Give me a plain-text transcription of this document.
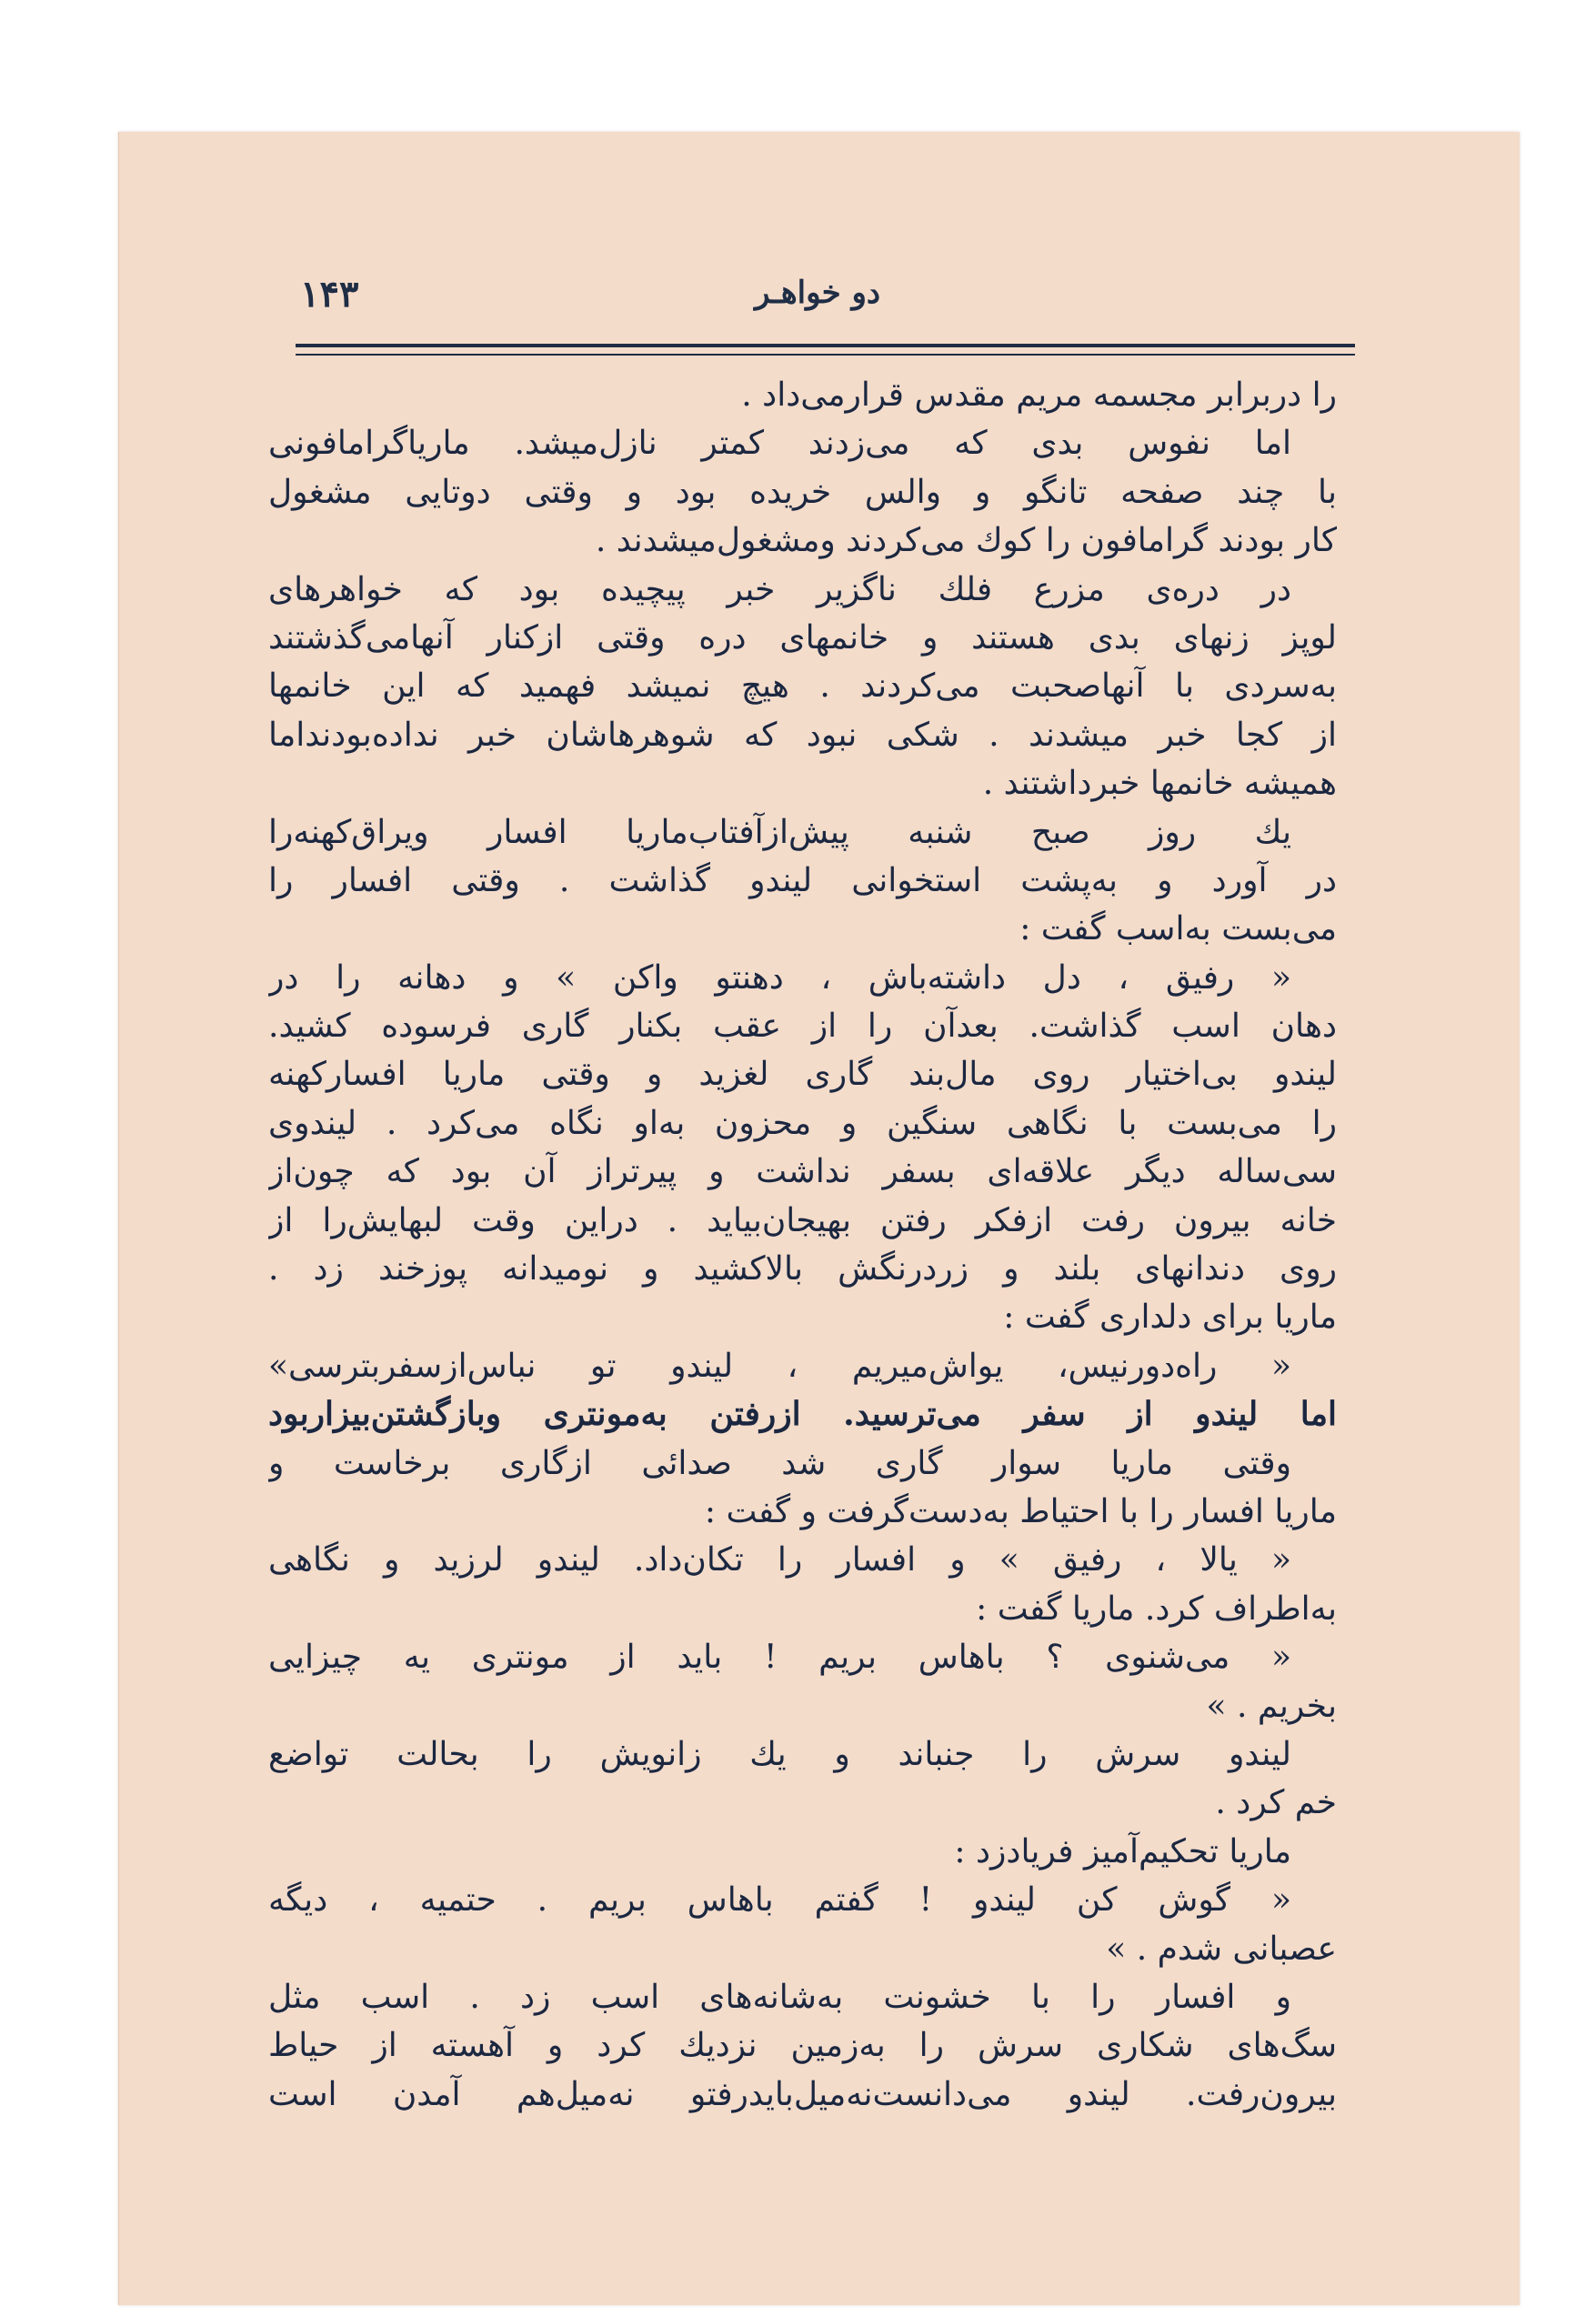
۱۴۳	دو خواهـر
را دربرابر مجسمه مریم مقدس قرارمی‌داد .
اما نفوس بدی که می‌زدند کمتر نازل‌میشد. ماریاگرامافونی
با چند صفحه تانگو و والس خریده بود و وقتی دوتایی مشغول
کار بودند گرامافون را کوك می‌کردند ومشغول‌میشدند .
در دره‌ی مزرع فلك ناگزیر خبر پیچیده بود که خواهرهای
لوپز زنهای بدی هستند و خانمهای دره وقتی ازکنار آنهامی‌گذشتند
به‌سردی با آنهاصحبت می‌کردند . هیچ نمیشد فهمید که این خانمها
از کجا خبر میشدند . شکی نبود که شوهرهاشان خبر نداده‌بودنداما
همیشه خانمها خبرداشتند .
يك روز صبح شنبه پیش‌ازآفتاب‌ماریا افسار ویراق‌کهنه‌را
در آورد و به‌پشت استخوانی لیندو گذاشت . وقتی افسار را
می‌بست به‌اسب گفت :
« رفیق ، دل داشته‌باش ، دهنتو واکن » و دهانه را در
دهان اسب گذاشت. بعدآن را از عقب بکنار گاری فرسوده کشید.
لیندو بی‌اختیار روی مال‌بند گاری لغزید و وقتی ماریا افسارکهنه
را می‌بست با نگاهی سنگین و محزون به‌او نگاه می‌کرد . لیندوی
سی‌ساله دیگر علاقه‌ای بسفر نداشت و پیرتراز آن بود که چون‌از
خانه بیرون رفت ازفکر رفتن بهیجان‌بیاید . دراین وقت لبهایش‌را از
روی دندانهای بلند و زردرنگش بالاکشید و نومیدانه پوزخند زد .
ماریا برای دلداری گفت :
« راه‌دورنیس، یواش‌میریم ، لیندو تو نباس‌ازسفربترسی»
اما لیندو از سفر می‌ترسید. ازرفتن به‌مونتری وبازگشتن‌بیزاربود
وقتی ماریا سوار گاری شد صدائی ازگاری برخاست و
ماریا افسار را با احتیاط به‌دست‌گرفت و گفت :
« یالا ، رفیق » و افسار را تکان‌داد. لیندو لرزید و نگاهی
به‌اطراف کرد. ماریا گفت :
« می‌شنوی ؟ باهاس بریم ! باید از مونتری یه چیزایی
بخریم . »
لیندو سرش را جنباند و يك زانویش را بحالت تواضع
خم کرد .
ماریا تحکیم‌آمیز فریادزد :
« گوش کن لیندو ! گفتم باهاس بریم . حتمیه ، دیگه
عصبانی شدم . »
و افسار را با خشونت به‌شانه‌های اسب زد . اسب مثل
سگ‌های شکاری سرش را به‌زمین نزديك کرد و آهسته از حیاط
بیرون‌رفت. لیندو می‌دانست‌نه‌میل‌بایدرفتو نه‌میل‌هم آمدن است
